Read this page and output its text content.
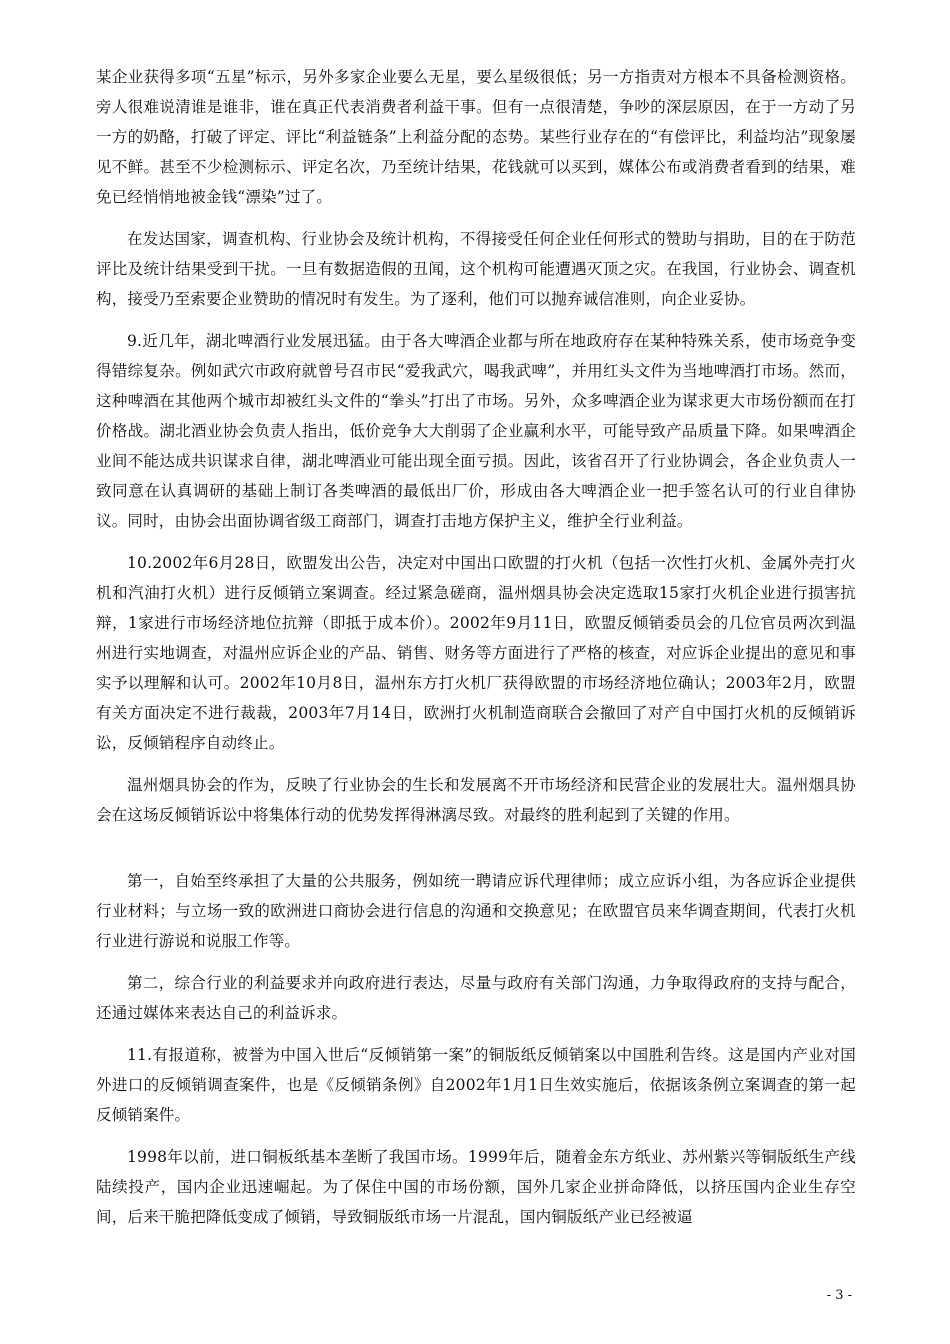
某企业获得多项“五星”标示，另外多家企业要么无星，要么星级很低；另一方指责对方根本不具备检测资格。旁人很难说清谁是谁非，谁在真正代表消费者利益干事。但有一点很清楚，争吵的深层原因，在于一方动了另一方的奶酪，打破了评定、评比“利益链条”上利益分配的态势。某些行业存在的“有偿评比，利益均沾”现象屡见不鲜。甚至不少检测标示、评定名次，乃至统计结果，花钱就可以买到，媒体公布或消费者看到的结果，难免已经悄悄地被金钱“漂染”过了。

在发达国家，调查机构、行业协会及统计机构，不得接受任何企业任何形式的赞助与捐助，目的在于防范评比及统计结果受到干扰。一旦有数据造假的丑闻，这个机构可能遭遇灭顶之灾。在我国，行业协会、调查机构，接受乃至索要企业赞助的情况时有发生。为了逐利，他们可以抛弃诚信准则，向企业妥协。

9.近几年，湖北啤酒行业发展迅猛。由于各大啤酒企业都与所在地政府存在某种特殊关系，使市场竞争变得错综复杂。例如武穴市政府就曾号召市民“爱我武穴，喝我武啤”，并用红头文件为当地啤酒打市场。然而，这种啤酒在其他两个城市却被红头文件的“拳头”打出了市场。另外，众多啤酒企业为谋求更大市场份额而在打价格战。湖北酒业协会负责人指出，低价竞争大大削弱了企业赢利水平，可能导致产品质量下降。如果啤酒企业间不能达成共识谋求自律，湖北啤酒业可能出现全面亏损。因此，该省召开了行业协调会，各企业负责人一致同意在认真调研的基础上制订各类啤酒的最低出厂价，形成由各大啤酒企业一把手签名认可的行业自律协议。同时，由协会出面协调省级工商部门，调查打击地方保护主义，维护全行业利益。

10.2002年6月28日，欧盟发出公告，决定对中国出口欧盟的打火机（包括一次性打火机、金属外壳打火机和汽油打火机）进行反倾销立案调查。经过紧急磋商，温州烟具协会决定选取15家打火机企业进行损害抗辩，1家进行市场经济地位抗辩（即抵于成本价）。2002年9月11日，欧盟反倾销委员会的几位官员两次到温州进行实地调查，对温州应诉企业的产品、销售、财务等方面进行了严格的核查，对应诉企业提出的意见和事实予以理解和认可。2002年10月8日，温州东方打火机厂获得欧盟的市场经济地位确认；2003年2月，欧盟有关方面决定不进行裁裁，2003年7月14日，欧洲打火机制造商联合会撤回了对产自中国打火机的反倾销诉讼，反倾销程序自动终止。

温州烟具协会的作为，反映了行业协会的生长和发展离不开市场经济和民营企业的发展壮大。温州烟具协会在这场反倾销诉讼中将集体行动的优势发挥得淋漓尽致。对最终的胜利起到了关键的作用。

第一，自始至终承担了大量的公共服务，例如统一聘请应诉代理律师；成立应诉小组，为各应诉企业提供行业材料；与立场一致的欧洲进口商协会进行信息的沟通和交换意见；在欧盟官员来华调查期间，代表打火机行业进行游说和说服工作等。

第二，综合行业的利益要求并向政府进行表达，尽量与政府有关部门沟通，力争取得政府的支持与配合，还通过媒体来表达自己的利益诉求。

11.有报道称，被誉为中国入世后“反倾销第一案”的铜版纸反倾销案以中国胜利告终。这是国内产业对国外进口的反倾销调查案件，也是《反倾销条例》自2002年1月1日生效实施后，依据该条例立案调查的第一起反倾销案件。

1998年以前，进口铜板纸基本垄断了我国市场。1999年后，随着金东方纸业、苏州紫兴等铜版纸生产线陆续投产，国内企业迅速崛起。为了保住中国的市场份额，国外几家企业拼命降低，以挤压国内企业生存空间，后来干脆把降低变成了倾销，导致铜版纸市场一片混乱，国内铜版纸产业已经被逼

- 3 -
